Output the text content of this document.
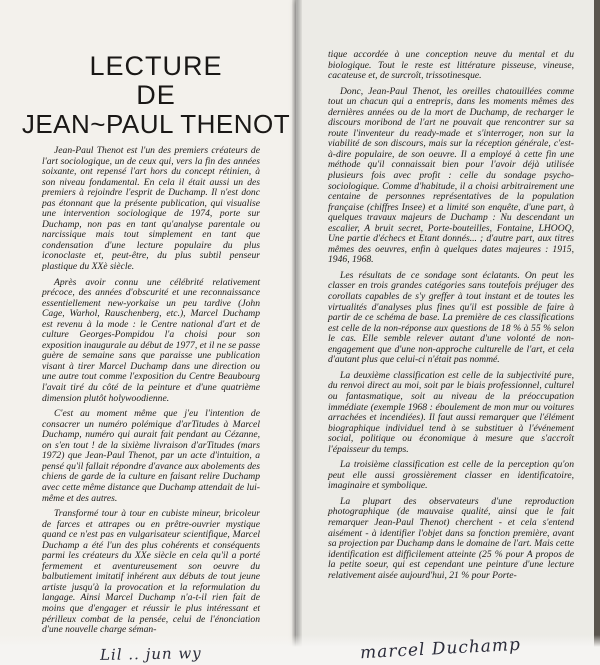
LECTURE
DE
JEAN~PAUL THENOT

Jean-Paul Thenot est l'un des premiers créateurs de l'art sociologique, un de ceux qui, vers la fin des années soixante, ont repensé l'art hors du concept rétinien, à son niveau fondamental. En cela il était aussi un des premiers à rejoindre l'esprit de Duchamp. Il n'est donc pas étonnant que la présente publication, qui visualise une intervention sociologique de 1974, porte sur Duchamp, non pas en tant qu'analyse parentale ou narcissique mais tout simplement en tant que condensation d'une lecture populaire du plus iconoclaste et, peut-être, du plus subtil penseur plastique du XXè siècle.

Après avoir connu une célébrité relativement précoce, des années d'obscurité et une reconnaissance essentiellement new-yorkaise un peu tardive (John Cage, Warhol, Rauschenberg, etc.), Marcel Duchamp est revenu à la mode : le Centre national d'art et de culture Georges-Pompidou l'a choisi pour son exposition inaugurale au début de 1977, et il ne se passe guère de semaine sans que paraisse une publication visant à tirer Marcel Duchamp dans une direction ou une autre tout comme l'exposition du Centre Beaubourg l'avait tiré du côté de la peinture et d'une quatrième dimension plutôt holywoodienne.

C'est au moment même que j'eu l'intention de consacrer un numéro polémique d'arTitudes à Marcel Duchamp, numéro qui aurait fait pendant au Cézanne, on s'en tout ! de la sixième livraison d'arTitudes (mars 1972) que Jean-Paul Thenot, par un acte d'intuition, a pensé qu'il fallait répondre d'avance aux abolements des chiens de garde de la culture en faisant relire Duchamp avec cette même distance que Duchamp attendait de lui-même et des autres.

Transformé tour à tour en cubiste mineur, bricoleur de farces et attrapes ou en prêtre-ouvrier mystique quand ce n'est pas en vulgarisateur scientifique, Marcel Duchamp a été l'un des plus cohérents et conséquents parmi les créateurs du XXe siècle en cela qu'il a porté fermement et aventureusement son oeuvre du balbutiement imitatif inhérent aux débuts de tout jeune artiste jusqu'à la provocation et la reformulation du langage. Ainsi Marcel Duchamp n'a-t-il rien fait de moins que d'engager et réussir le plus intéressant et périlleux combat de la pensée, celui de l'énonciation d'une nouvelle charge séman-

tique accordée à une conception neuve du mental et du biologique. Tout le reste est littérature pisseuse, vineuse, cacateuse et, de surcroît, trissotinesque.

Donc, Jean-Paul Thenot, les oreilles chatouillées comme tout un chacun qui a entrepris, dans les moments mêmes des dernières années ou de la mort de Duchamp, de recharger le discours moribond de l'art ne pouvait que rencontrer sur sa route l'inventeur du ready-made et s'interroger, non sur la viabilité de son discours, mais sur la réception générale, c'est-à-dire populaire, de son oeuvre. Il a employé à cette fin une méthode qu'il connaissait bien pour l'avoir déjà utilisée plusieurs fois avec profit : celle du sondage psycho-sociologique. Comme d'habitude, il a choisi arbitrairement une centaine de personnes représentatives de la population française (chiffres Insee) et a limité son enquête, d'une part, à quelques travaux majeurs de Duchamp : Nu descendant un escalier, A bruit secret, Porte-bouteilles, Fontaine, LHOOQ, Une partie d'échecs et Etant donnés... ; d'autre part, aux titres mêmes des oeuvres, enfin à quelques dates majeures : 1915, 1946, 1968.

Les résultats de ce sondage sont éclatants. On peut les classer en trois grandes catégories sans toutefois préjuger des corollats capables de s'y greffer à tout instant et de toutes les virtualités d'analyses plus fines qu'il est possible de faire à partir de ce schéma de base. La première de ces classifications est celle de la non-réponse aux questions de 18 % à 55 % selon le cas. Elle semble relever autant d'une volonté de non-engagement que d'une non-approche culturelle de l'art, et cela d'autant plus que celui-ci n'était pas nommé.

La deuxième classification est celle de la subjectivité pure, du renvoi direct au moi, soit par le biais professionnel, culturel ou fantasmatique, soit au niveau de la préoccupation immédiate (exemple 1968 : éboulement de mon mur ou voitures arrachées et incendiées). Il faut aussi remarquer que l'élément biographique individuel tend à se substituer à l'événement social, politique ou économique à mesure que s'accroît l'épaisseur du temps.

La troisième classification est celle de la perception qu'on peut elle aussi grossièrement classer en identificatoire, imaginaire et symbolique.

La plupart des observateurs d'une reproduction photographique (de mauvaise qualité, ainsi que le fait remarquer Jean-Paul Thenot) cherchent - et cela s'entend aisément - à identifier l'objet dans sa fonction première, avant sa projection par Duchamp dans le domaine de l'art. Mais cette identification est difficilement atteinte (25 % pour A propos de la petite soeur, qui est cependant une peinture d'une lecture relativement aisée aujourd'hui, 21 % pour Porte-

Lil .. jun wy	marcel Duchamp
